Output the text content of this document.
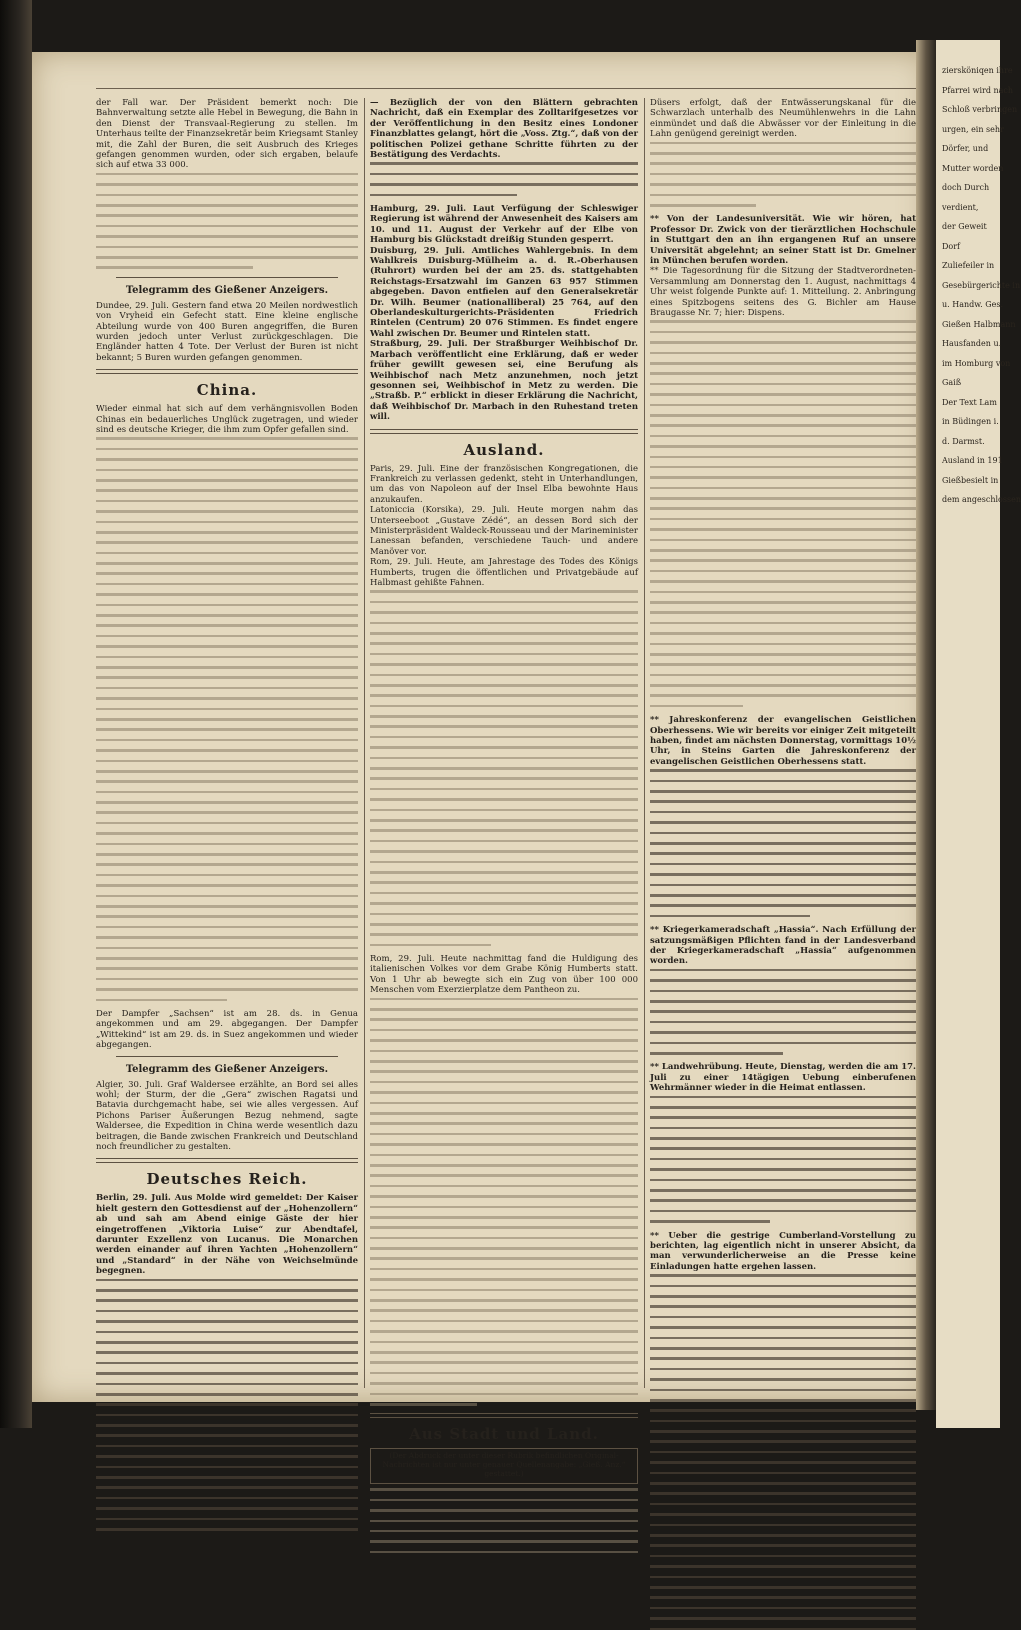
ziersköniqen ihre
Pfarrei wird nach
Schloß verbringen
urgen, ein sehr
Dörfer, und
Mutter worden
doch Durch
verdient,
der Geweit
Dorf
Zuliefeiler in
Gesebürgerichte in
u. Handw. Ges.
Gießen Halbmann
Hausfanden u.
im Homburg von
Gaiß
Der Text Lam
in Büdingen i.
d. Darmst.
Ausland in 191
Gießbesielt in
dem angeschlossen

der Fall war. Der Präsident bemerkt noch: Die Bahnverwaltung setzte alle Hebel in Bewegung, die Bahn in den Dienst der Transvaal-Regierung zu stellen. Im Unterhaus teilte der Finanzsekretär beim Kriegsamt Stanley mit, die Zahl der Buren, die seit Ausbruch des Krieges gefangen genommen wurden, oder sich ergaben, belaufe sich auf etwa 33 000.

Telegramm des Gießener Anzeigers.

Dundee, 29. Juli. Gestern fand etwa 20 Meilen nordwestlich von Vryheid ein Gefecht statt. Eine kleine englische Abteilung wurde von 400 Buren angegriffen, die Buren wurden jedoch unter Verlust zurückgeschlagen. Die Engländer hatten 4 Tote. Der Verlust der Buren ist nicht bekannt; 5 Buren wurden gefangen genommen.

China.

Wieder einmal hat sich auf dem verhängnisvollen Boden Chinas ein bedauerliches Unglück zugetragen, und wieder sind es deutsche Krieger, die ihm zum Opfer gefallen sind.

Der Dampfer „Sachsen“ ist am 28. ds. in Genua angekommen und am 29. abgegangen. Der Dampfer „Wittekind“ ist am 29. ds. in Suez angekommen und wieder abgegangen.

Telegramm des Gießener Anzeigers.

Algier, 30. Juli. Graf Waldersee erzählte, an Bord sei alles wohl; der Sturm, der die „Gera“ zwischen Ragatsi und Batavia durchgemacht habe, sei wie alles vergessen. Auf Pichons Pariser Äußerungen Bezug nehmend, sagte Waldersee, die Expedition in China werde wesentlich dazu beitragen, die Bande zwischen Frankreich und Deutschland noch freundlicher zu gestalten.

Deutsches Reich.

Berlin, 29. Juli. Aus Molde wird gemeldet: Der Kaiser hielt gestern den Gottesdienst auf der „Hohenzollern“ ab und sah am Abend einige Gäste der hier eingetroffenen „Viktoria Luise“ zur Abendtafel, darunter Exzellenz von Lucanus. Die Monarchen werden einander auf ihren Yachten „Hohenzollern“ und „Standard“ in der Nähe von Weichselmünde begegnen.

— Bezüglich der von den Blättern gebrachten Nachricht, daß ein Exemplar des Zolltarifgesetzes vor der Veröffentlichung in den Besitz eines Londoner Finanzblattes gelangt, hört die „Voss. Ztg.“, daß von der politischen Polizei gethane Schritte führten zu der Bestätigung des Verdachts.

Hamburg, 29. Juli. Laut Verfügung der Schleswiger Regierung ist während der Anwesenheit des Kaisers am 10. und 11. August der Verkehr auf der Elbe von Hamburg bis Glückstadt dreißig Stunden gesperrt.

Duisburg, 29. Juli. Amtliches Wahlergebnis. In dem Wahlkreis Duisburg-Mülheim a. d. R.-Oberhausen (Ruhrort) wurden bei der am 25. ds. stattgehabten Reichstags-Ersatzwahl im Ganzen 63 957 Stimmen abgegeben. Davon entfielen auf den Generalsekretär Dr. Wilh. Beumer (nationalliberal) 25 764, auf den Oberlandeskulturgerichts-Präsidenten Friedrich Rintelen (Centrum) 20 076 Stimmen. Es findet engere Wahl zwischen Dr. Beumer und Rintelen statt.

Straßburg, 29. Juli. Der Straßburger Weihbischof Dr. Marbach veröffentlicht eine Erklärung, daß er weder früher gewillt gewesen sei, eine Berufung als Weihbischof nach Metz anzunehmen, noch jetzt gesonnen sei, Weihbischof in Metz zu werden. Die „Straßb. P.“ erblickt in dieser Erklärung die Nachricht, daß Weihbischof Dr. Marbach in den Ruhestand treten will.

Ausland.

Paris, 29. Juli. Eine der französischen Kongregationen, die Frankreich zu verlassen gedenkt, steht in Unterhandlungen, um das von Napoleon auf der Insel Elba bewohnte Haus anzukaufen.

Latoniccia (Korsika), 29. Juli. Heute morgen nahm das Unterseeboot „Gustave Zédé“, an dessen Bord sich der Ministerpräsident Waldeck-Rousseau und der Marineminister Lanessan befanden, verschiedene Tauch- und andere Manöver vor.

Rom, 29. Juli. Heute, am Jahrestage des Todes des Königs Humberts, trugen die öffentlichen und Privatgebäude auf Halbmast gehißte Fahnen.

Rom, 29. Juli. Heute nachmittag fand die Huldigung des italienischen Volkes vor dem Grabe König Humberts statt. Von 1 Uhr ab bewegte sich ein Zug von über 100 000 Menschen vom Exerzierplatze dem Pantheon zu.

Aus Stadt und Land.

(Der Abdruck der unter dieser Rubrik befindlichen Original-Nachrichten ist nur unter genauer Quellenangabe: „Gieß. Anz.“ gestattet.)

Düsers erfolgt, daß der Entwässerungskanal für die Schwarzlach unterhalb des Neumühlenwehrs in die Lahn einmündet und daß die Abwässer vor der Einleitung in die Lahn genügend gereinigt werden.

** Von der Landesuniversität. Wie wir hören, hat Professor Dr. Zwick von der tierärztlichen Hochschule in Stuttgart den an ihn ergangenen Ruf an unsere Universität abgelehnt; an seiner Statt ist Dr. Gmelner in München berufen worden.

** Die Tagesordnung für die Sitzung der Stadtverordneten-Versammlung am Donnerstag den 1. August, nachmittags 4 Uhr weist folgende Punkte auf: 1. Mitteilung. 2. Anbringung eines Spitzbogens seitens des G. Bichler am Hause Braugasse Nr. 7; hier: Dispens.

** Jahreskonferenz der evangelischen Geistlichen Oberhessens. Wie wir bereits vor einiger Zeit mitgeteilt haben, findet am nächsten Donnerstag, vormittags 10½ Uhr, in Steins Garten die Jahreskonferenz der evangelischen Geistlichen Oberhessens statt.

** Kriegerkameradschaft „Hassia“. Nach Erfüllung der satzungsmäßigen Pflichten fand in der Landesverband der Kriegerkameradschaft „Hassia“ aufgenommen worden.

** Landwehrübung. Heute, Dienstag, werden die am 17. Juli zu einer 14tägigen Uebung einberufenen Wehrmänner wieder in die Heimat entlassen.

** Ueber die gestrige Cumberland-Vorstellung zu berichten, lag eigentlich nicht in unserer Absicht, da man verwunderlicherweise an die Presse keine Einladungen hatte ergehen lassen.
